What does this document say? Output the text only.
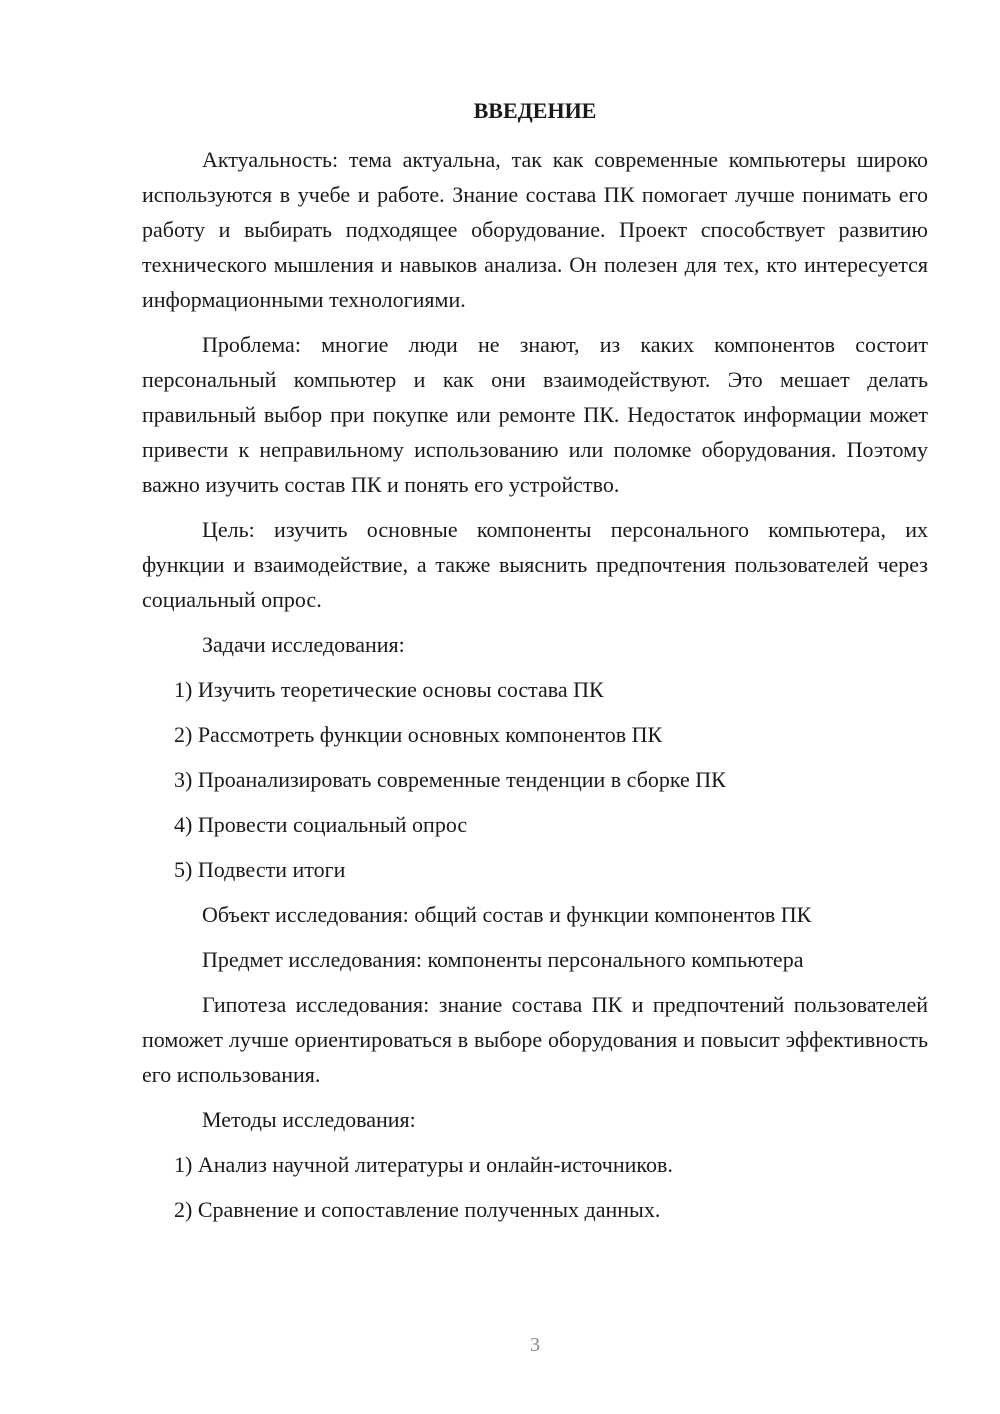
ВВЕДЕНИЕ

Актуальность: тема актуальна, так как современные компьютеры широко используются в учебе и работе. Знание состава ПК помогает лучше понимать его работу и выбирать подходящее оборудование. Проект способствует развитию технического мышления и навыков анализа. Он полезен для тех, кто интересуется информационными технологиями.

Проблема: многие люди не знают, из каких компонентов состоит персональный компьютер и как они взаимодействуют. Это мешает делать правильный выбор при покупке или ремонте ПК. Недостаток информации может привести к неправильному использованию или поломке оборудования. Поэтому важно изучить состав ПК и понять его устройство.

Цель: изучить основные компоненты персонального компьютера, их функции и взаимодействие, а также выяснить предпочтения пользователей через социальный опрос.

Задачи исследования:

1) Изучить теоретические основы состава ПК
2) Рассмотреть функции основных компонентов ПК
3) Проанализировать современные тенденции в сборке ПК
4) Провести социальный опрос
5) Подвести итоги

Объект исследования: общий состав и функции компонентов ПК

Предмет исследования: компоненты персонального компьютера

Гипотеза исследования: знание состава ПК и предпочтений пользователей поможет лучше ориентироваться в выборе оборудования и повысит эффективность его использования.

Методы исследования:

1) Анализ научной литературы и онлайн-источников.
2) Сравнение и сопоставление полученных данных.
3
